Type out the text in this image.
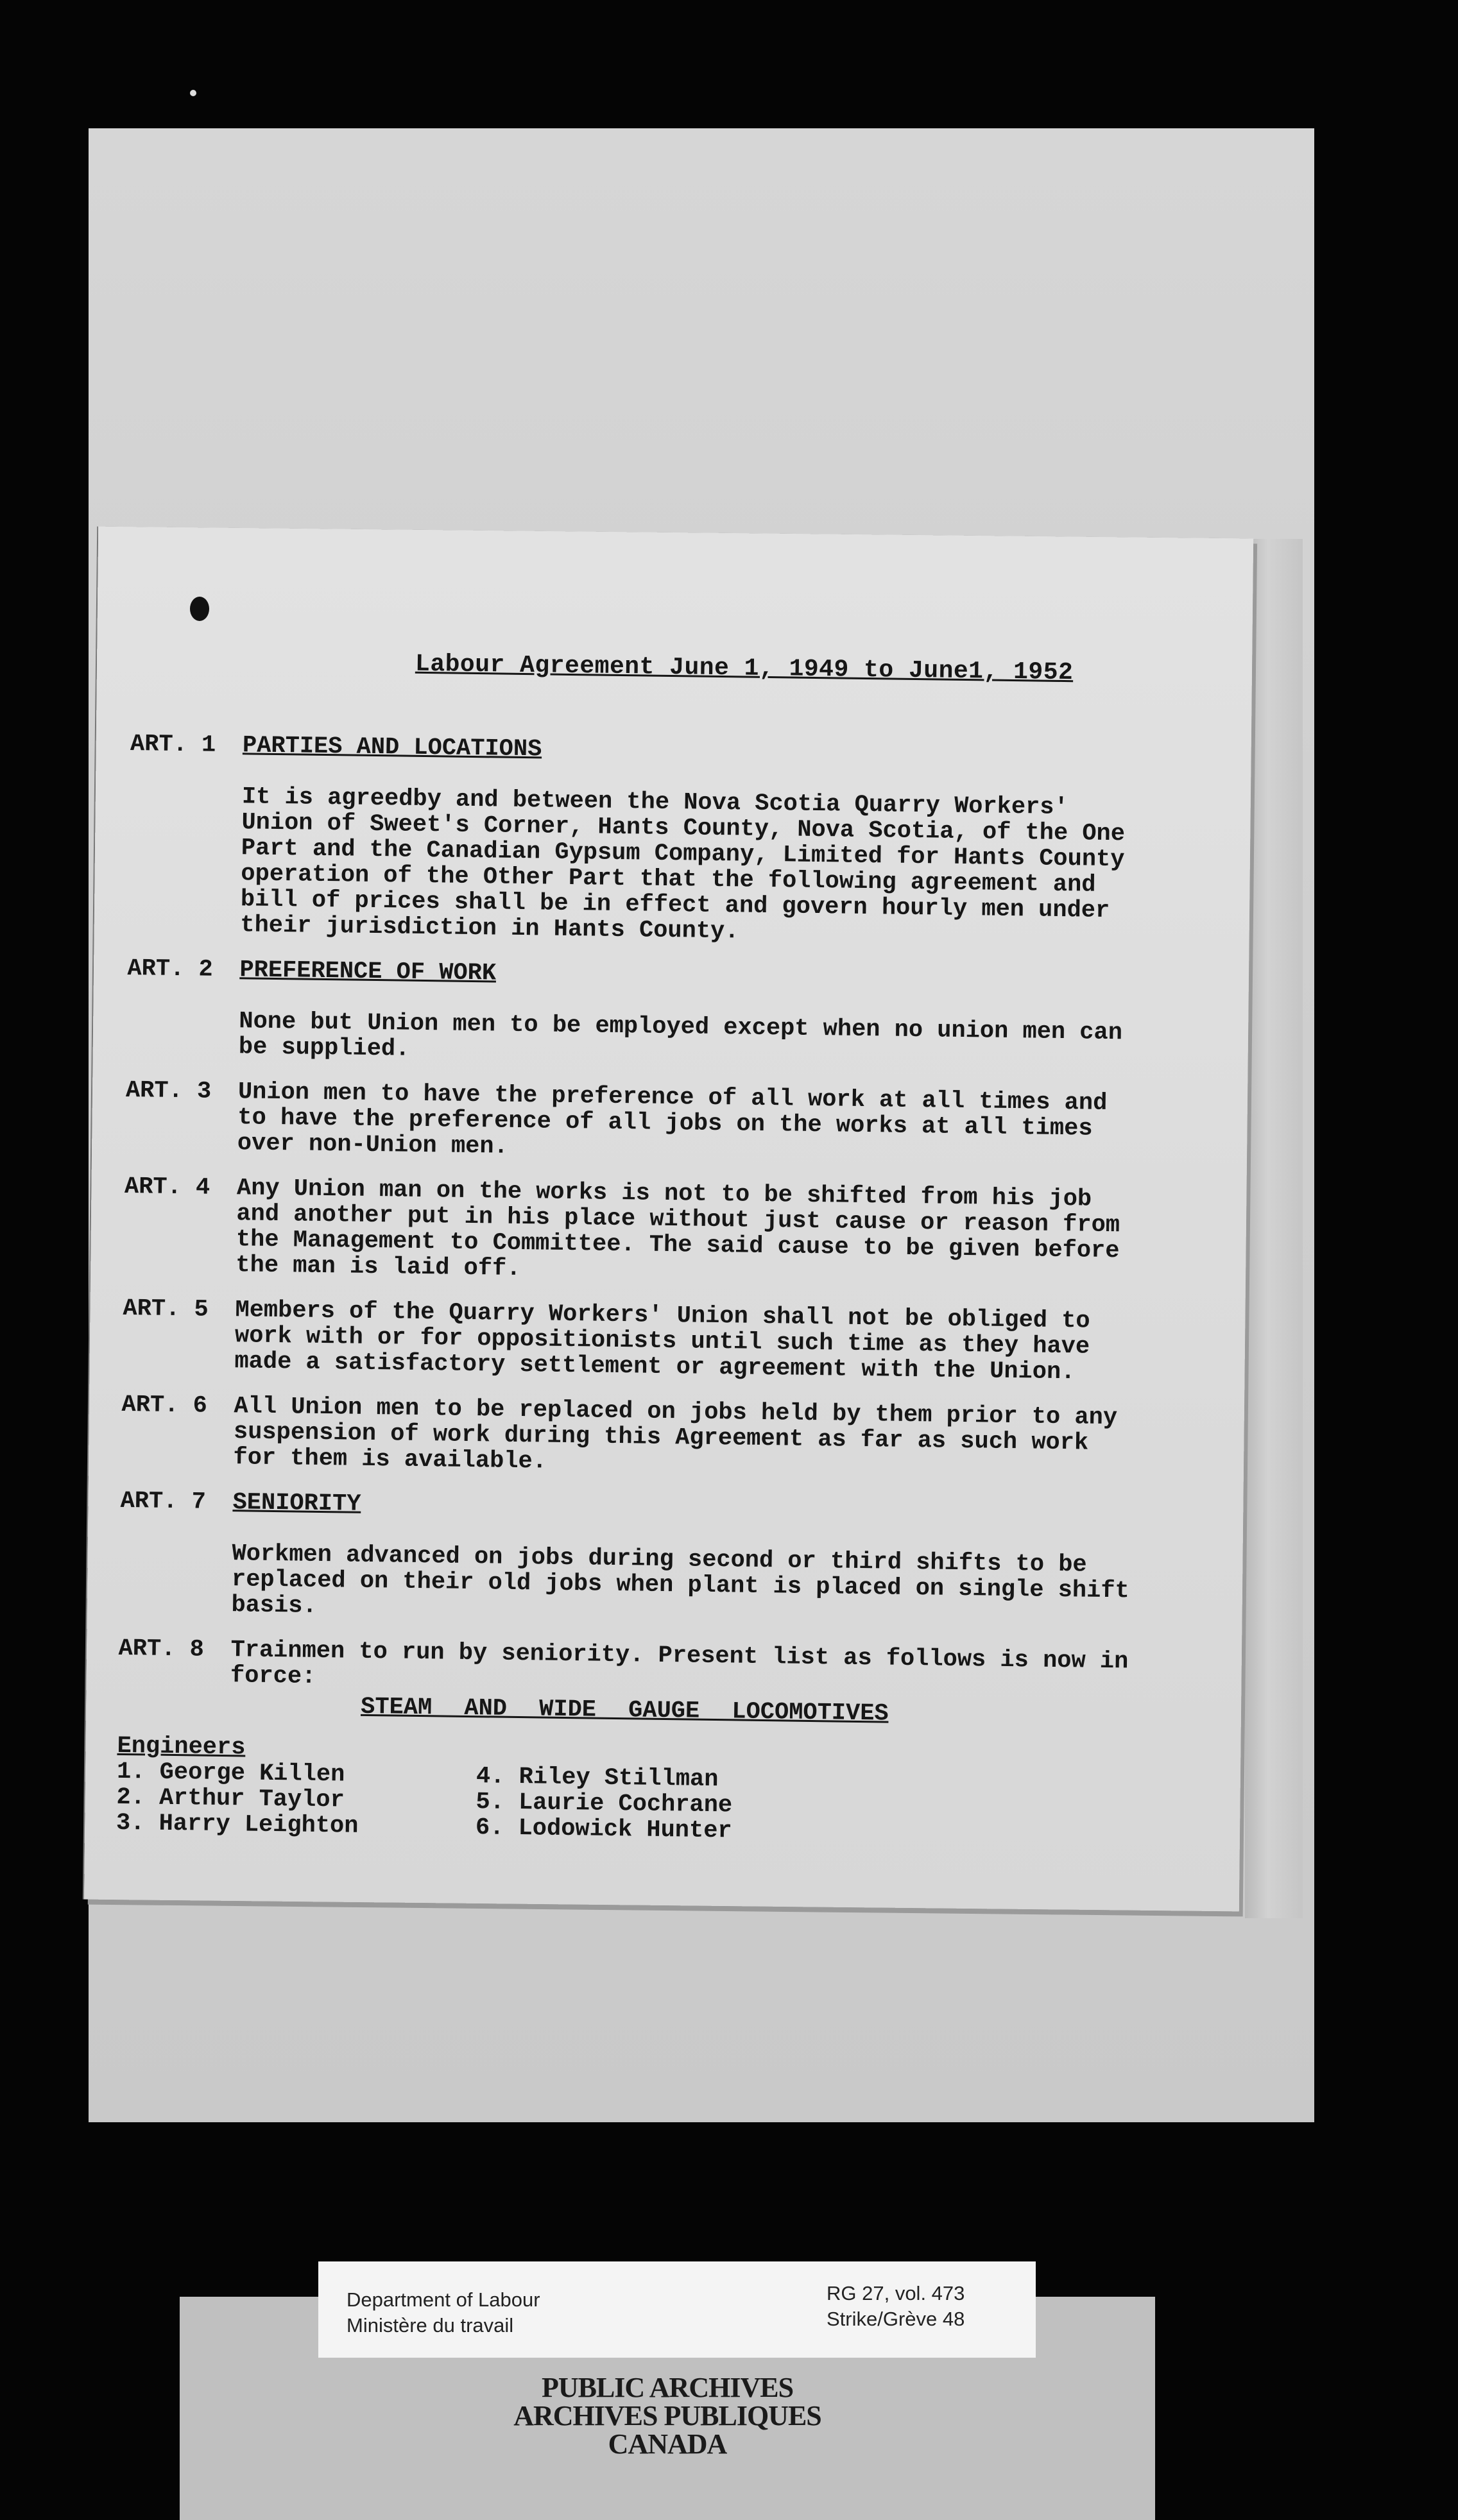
Labour Agreement June 1, 1949 to June1, 1952
ART. 1	PARTIES AND LOCATIONS
It is agreedby and between the Nova Scotia Quarry Workers' Union of Sweet's Corner, Hants County, Nova Scotia, of the One Part and the Canadian Gypsum Company, Limited for Hants County operation of the Other Part that the following agreement and bill of prices shall be in effect and govern hourly men under their jurisdiction in Hants County.
ART. 2	PREFERENCE OF WORK
None but Union men to be employed except when no union men can be supplied.
ART. 3	Union men to have the preference of all work at all times and to have the preference of all jobs on the works at all times over non-Union men.
ART. 4	Any Union man on the works is not to be shifted from his job and another put in his place without just cause or reason from the Management to Committee. The said cause to be given before the man is laid off.
ART. 5	Members of the Quarry Workers' Union shall not be obliged to work with or for oppositionists until such time as they have made a satisfactory settlement or agreement with the Union.
ART. 6	All Union men to be replaced on jobs held by them prior to any suspension of work during this Agreement as far as such work for them is available.
ART. 7	SENIORITY
Workmen advanced on jobs during second or third shifts to be replaced on their old jobs when plant is placed on single shift basis.
ART. 8	Trainmen to run by seniority. Present list as follows is now in force:
STEAM AND WIDE GAUGE LOCOMOTIVES
Engineers
1. George Killen	4. Riley Stillman
2. Arthur Taylor	5. Laurie Cochrane
3. Harry Leighton	6. Lodowick Hunter
Department of Labour
Ministère du travail
RG 27, vol. 473
Strike/Grève 48
PUBLIC ARCHIVES
ARCHIVES PUBLIQUES
CANADA
